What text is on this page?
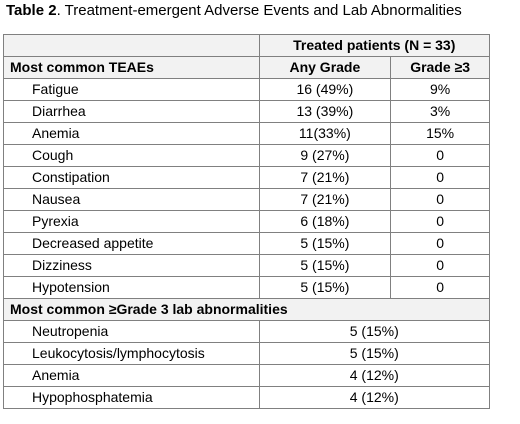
Table 2. Treatment-emergent Adverse Events and Lab Abnormalities
	Treated patients (N = 33)	
Most common TEAEs	Any Grade	Grade ≥3
Fatigue	16 (49%)	9%
Diarrhea	13 (39%)	3%
Anemia	11(33%)	15%
Cough	9 (27%)	0
Constipation	7 (21%)	0
Nausea	7 (21%)	0
Pyrexia	6 (18%)	0
Decreased appetite	5 (15%)	0
Dizziness	5 (15%)	0
Hypotension	5 (15%)	0
Most common ≥Grade 3 lab abnormalities		
Neutropenia	5 (15%)	
Leukocytosis/lymphocytosis	5 (15%)	
Anemia	4 (12%)	
Hypophosphatemia	4 (12%)	
